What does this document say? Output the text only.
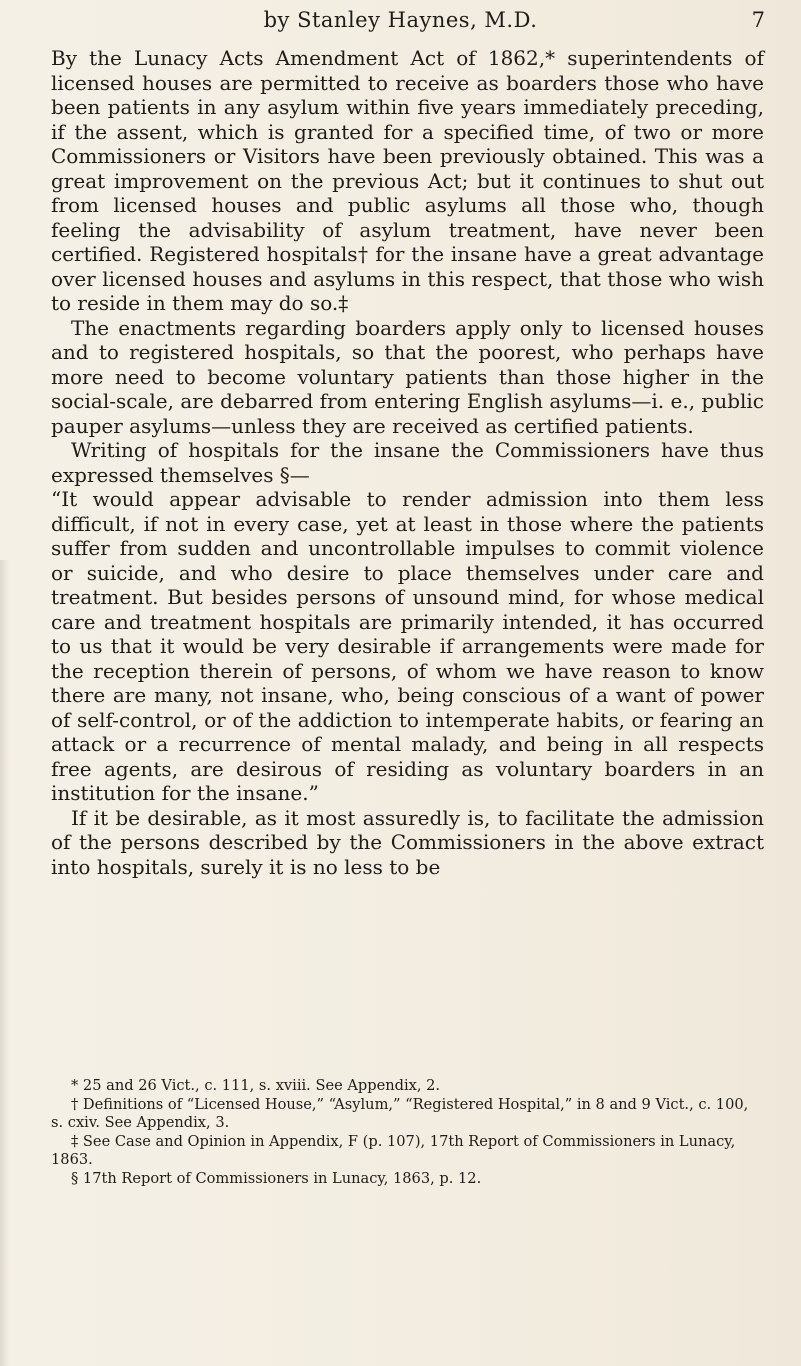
by Stanley Haynes, M.D.	7

By the Lunacy Acts Amendment Act of 1862,* superintendents of licensed houses are permitted to receive as boarders those who have been patients in any asylum within five years immediately preceding, if the assent, which is granted for a specified time, of two or more Commissioners or Visitors have been previously obtained. This was a great improvement on the previous Act; but it continues to shut out from licensed houses and public asylums all those who, though feeling the advisability of asylum treatment, have never been certified. Registered hospitals† for the insane have a great advantage over licensed houses and asylums in this respect, that those who wish to reside in them may do so.‡

The enactments regarding boarders apply only to licensed houses and to registered hospitals, so that the poorest, who perhaps have more need to become voluntary patients than those higher in the social-scale, are debarred from entering English asylums—i. e., public pauper asylums—unless they are received as certified patients.

Writing of hospitals for the insane the Commissioners have thus expressed themselves §—

“It would appear advisable to render admission into them less difficult, if not in every case, yet at least in those where the patients suffer from sudden and uncontrollable impulses to commit violence or suicide, and who desire to place themselves under care and treatment. But besides persons of unsound mind, for whose medical care and treatment hospitals are primarily intended, it has occurred to us that it would be very desirable if arrangements were made for the reception therein of persons, of whom we have reason to know there are many, not insane, who, being conscious of a want of power of self-control, or of the addiction to intemperate habits, or fearing an attack or a recurrence of mental malady, and being in all respects free agents, are desirous of residing as voluntary boarders in an institution for the insane.”

If it be desirable, as it most assuredly is, to facilitate the admission of the persons described by the Commissioners in the above extract into hospitals, surely it is no less to be

* 25 and 26 Vict., c. 111, s. xviii. See Appendix, 2.

† Definitions of “Licensed House,” “Asylum,” “Registered Hospital,” in 8 and 9 Vict., c. 100, s. cxiv. See Appendix, 3.

‡ See Case and Opinion in Appendix, F (p. 107), 17th Report of Commissioners in Lunacy, 1863.

§ 17th Report of Commissioners in Lunacy, 1863, p. 12.
